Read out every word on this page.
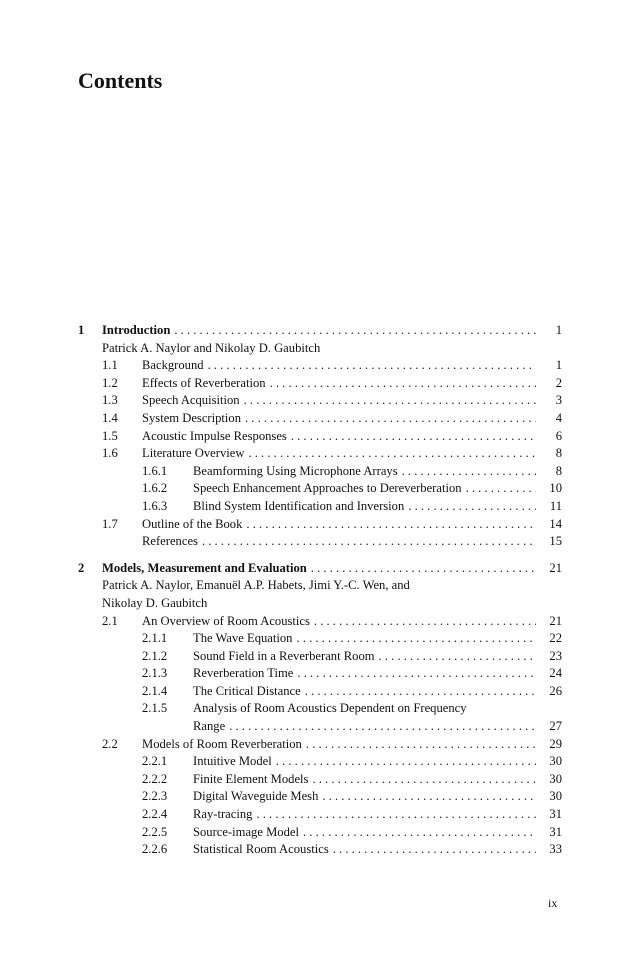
Contents
1 Introduction . . .	1
Patrick A. Naylor and Nikolay D. Gaubitch
1.1 Background . . .	1
1.2 Effects of Reverberation . . .	2
1.3 Speech Acquisition . . .	3
1.4 System Description . . .	4
1.5 Acoustic Impulse Responses . . .	6
1.6 Literature Overview . . .	8
1.6.1 Beamforming Using Microphone Arrays . . .	8
1.6.2 Speech Enhancement Approaches to Dereverberation . . .	10
1.6.3 Blind System Identification and Inversion . . .	11
1.7 Outline of the Book . . .	14
References . . .	15
2 Models, Measurement and Evaluation . . .	21
Patrick A. Naylor, Emanuël A.P. Habets, Jimi Y.-C. Wen, and
Nikolay D. Gaubitch
2.1 An Overview of Room Acoustics . . .	21
2.1.1 The Wave Equation . . .	22
2.1.2 Sound Field in a Reverberant Room . . .	23
2.1.3 Reverberation Time . . .	24
2.1.4 The Critical Distance . . .	26
2.1.5 Analysis of Room Acoustics Dependent on Frequency
Range . . .	27
2.2 Models of Room Reverberation . . .	29
2.2.1 Intuitive Model . . .	30
2.2.2 Finite Element Models . . .	30
2.2.3 Digital Waveguide Mesh . . .	30
2.2.4 Ray-tracing . . .	31
2.2.5 Source-image Model . . .	31
2.2.6 Statistical Room Acoustics . . .	33
ix
